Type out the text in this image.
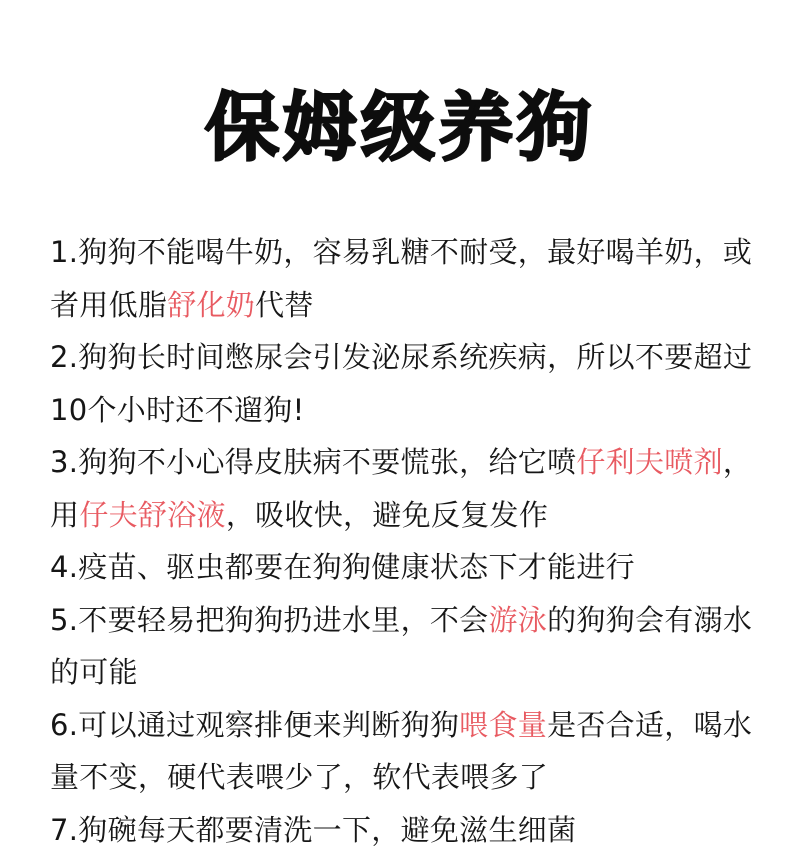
保姆级养狗
1.狗狗不能喝牛奶，容易乳糖不耐受，最好喝羊奶，或者用低脂舒化奶代替
2.狗狗长时间憋尿会引发泌尿系统疾病，所以不要超过10个小时还不遛狗!
3.狗狗不小心得皮肤病不要慌张，给它喷仔利夫喷剂，用仔夫舒浴液，吸收快，避免反复发作
4.疫苗、驱虫都要在狗狗健康状态下才能进行
5.不要轻易把狗狗扔进水里，不会游泳的狗狗会有溺水的可能
6.可以通过观察排便来判断狗狗喂食量是否合适，喝水量不变，硬代表喂少了，软代表喂多了
7.狗碗每天都要清洗一下，避免滋生细菌
